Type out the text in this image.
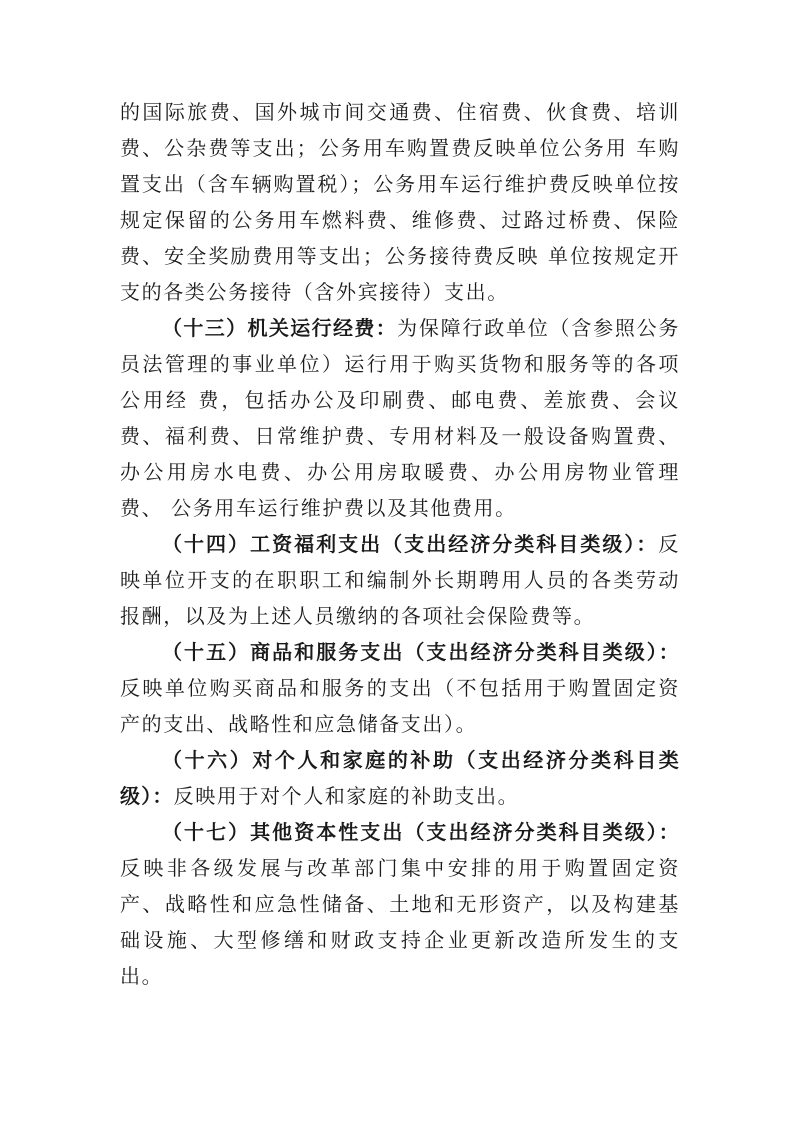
的国际旅费、国外城市间交通费、住宿费、伙食费、培训费、公杂费等支出；公务用车购置费反映单位公务用 车购置支出（含车辆购置税）；公务用车运行维护费反映单位按规定保留的公务用车燃料费、维修费、过路过桥费、保险费、安全奖励费用等支出；公务接待费反映 单位按规定开支的各类公务接待（含外宾接待）支出。

（十三）机关运行经费：为保障行政单位（含参照公务员法管理的事业单位）运行用于购买货物和服务等的各项公用经 费，包括办公及印刷费、邮电费、差旅费、会议费、福利费、日常维护费、专用材料及一般设备购置费、办公用房水电费、办公用房取暖费、办公用房物业管理费、 公务用车运行维护费以及其他费用。

（十四）工资福利支出（支出经济分类科目类级）：反映单位开支的在职职工和编制外长期聘用人员的各类劳动报酬，以及为上述人员缴纳的各项社会保险费等。

（十五）商品和服务支出（支出经济分类科目类级）：反映单位购买商品和服务的支出（不包括用于购置固定资产的支出、战略性和应急储备支出）。

（十六）对个人和家庭的补助（支出经济分类科目类级）：反映用于对个人和家庭的补助支出。

（十七）其他资本性支出（支出经济分类科目类级）：反映非各级发展与改革部门集中安排的用于购置固定资产、战略性和应急性储备、土地和无形资产，以及构建基础设施、大型修缮和财政支持企业更新改造所发生的支出。
